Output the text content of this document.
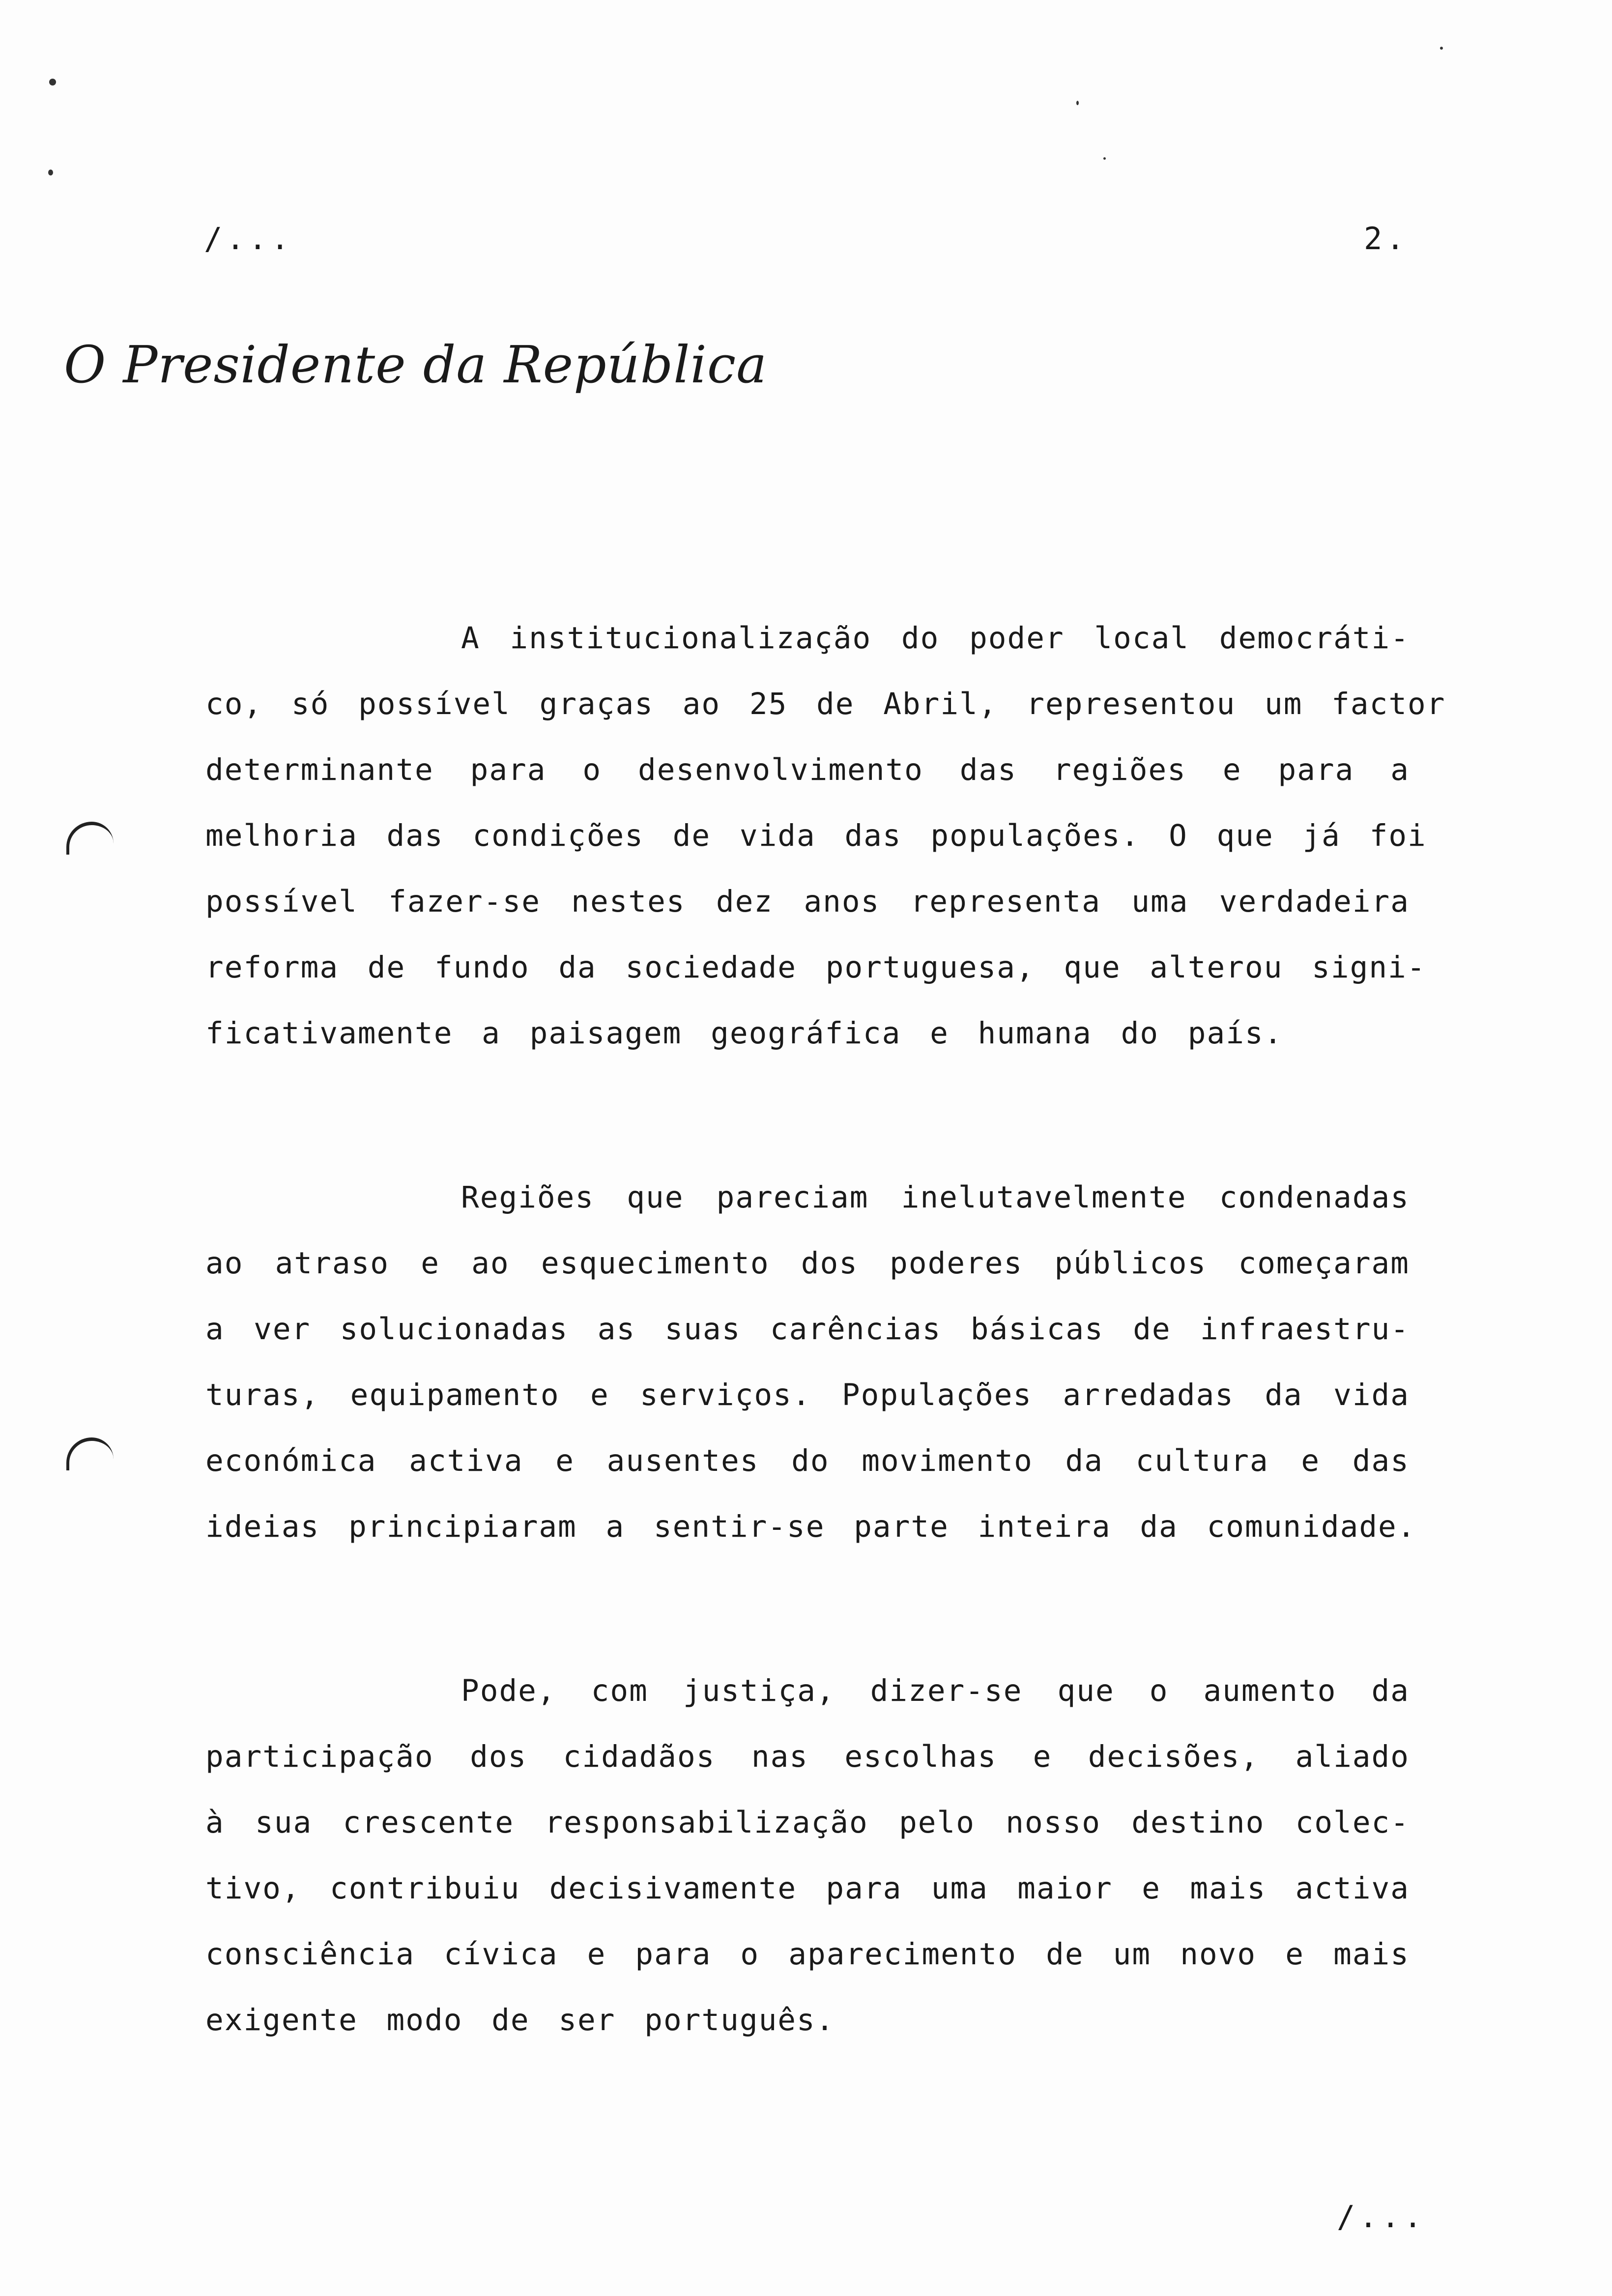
/...	2.
O Presidente da República
A institucionalização do poder local democráti-
co, só possível graças ao 25 de Abril, representou um factor
determinante para o desenvolvimento das regiões e para a
melhoria das condições de vida das populações. O que já foi
possível fazer-se nestes dez anos representa uma verdadeira
reforma de fundo da sociedade portuguesa, que alterou signi-
ficativamente a paisagem geográfica e humana do país.
Regiões que pareciam inelutavelmente condenadas
ao atraso e ao esquecimento dos poderes públicos começaram
a ver solucionadas as suas carências básicas de infraestru-
turas, equipamento e serviços. Populações arredadas da vida
económica activa e ausentes do movimento da cultura e das
ideias principiaram a sentir-se parte inteira da comunidade.
Pode, com justiça, dizer-se que o aumento da
participação dos cidadãos nas escolhas e decisões, aliado
à sua crescente responsabilização pelo nosso destino colec-
tivo, contribuiu decisivamente para uma maior e mais activa
consciência cívica e para o aparecimento de um novo e mais
exigente modo de ser português.
/...
